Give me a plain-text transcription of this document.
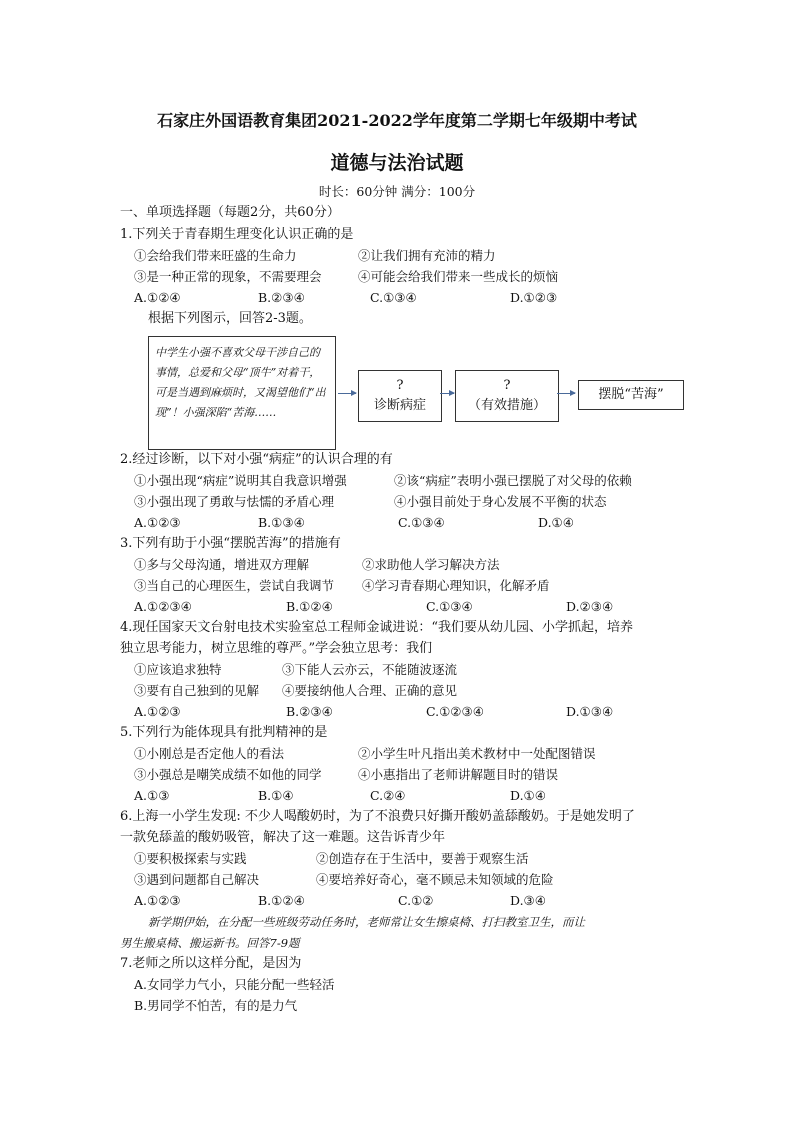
石家庄外国语教育集团2021-2022学年度第二学期七年级期中考试
道德与法治试题
时长：60分钟 满分：100分
一、单项选择题（每题2分，共60分）
1.下列关于青春期生理变化认识正确的是
①会给我们带来旺盛的生命力	②让我们拥有充沛的精力
③是一种正常的现象，不需要理会	④可能会给我们带来一些成长的烦恼
A.①②④	B.②③④	C.①③④	D.①②③
根据下列图示，回答2-3题。
中学生小强不喜欢父母干涉自己的事情，总爱和父母“顶牛”对着干，可是当遇到麻烦时，又渴望他们“出现”！小强深陷“苦海……
?
诊断病症
?
（有效措施）
摆脱“苦海”
2.经过诊断，以下对小强“病症”的认识合理的有
①小强出现“病症”说明其自我意识增强	②该“病症”表明小强已摆脱了对父母的依赖
③小强出现了勇敢与怯懦的矛盾心理	④小强目前处于身心发展不平衡的状态
A.①②③	B.①③④	C.①③④	D.①④
3.下列有助于小强“摆脱苦海”的措施有
①多与父母沟通，增进双方理解	②求助他人学习解决方法
③当自己的心理医生，尝试自我调节 ④学习青春期心理知识，化解矛盾
A.①②③④	B.①②④	C.①③④	D.②③④
4.现任国家天文台射电技术实验室总工程师金诚进说：“我们要从幼儿园、小学抓起，培养
独立思考能力，树立思维的尊严。”学会独立思考：我们
①应该追求独特	③下能人云亦云，不能随波逐流
③要有自己独到的见解 ④要接纳他人合理、正确的意见
A.①②③	B.②③④	C.①②③④	D.①③④
5.下列行为能体现具有批判精神的是
①小刚总是否定他人的看法	②小学生叶凡指出美术教材中一处配图错误
③小强总是嘲笑成绩不如他的同学	④小惠指出了老师讲解题目时的错误
A.①③	B.①④	C.②④	D.①④
6.上海一小学生发现: 不少人喝酸奶时，为了不浪费只好撕开酸奶盖舔酸奶。于是她发明了
一款免舔盖的酸奶吸管，解决了这一难题。这告诉青少年
①要积极探索与实践	②创造存在于生活中，要善于观察生活
③遇到问题都自己解决	④要培养好奇心，毫不顾忌未知领域的危险
A.①②③	B.①②④	C.①②	D.③④
新学期伊始，在分配一些班级劳动任务时，老师常让女生擦桌椅、打扫教室卫生，而让
男生搬桌椅、搬运新书。回答7-9题
7.老师之所以这样分配，是因为
A.女同学力气小，只能分配一些轻活
B.男同学不怕苦，有的是力气
